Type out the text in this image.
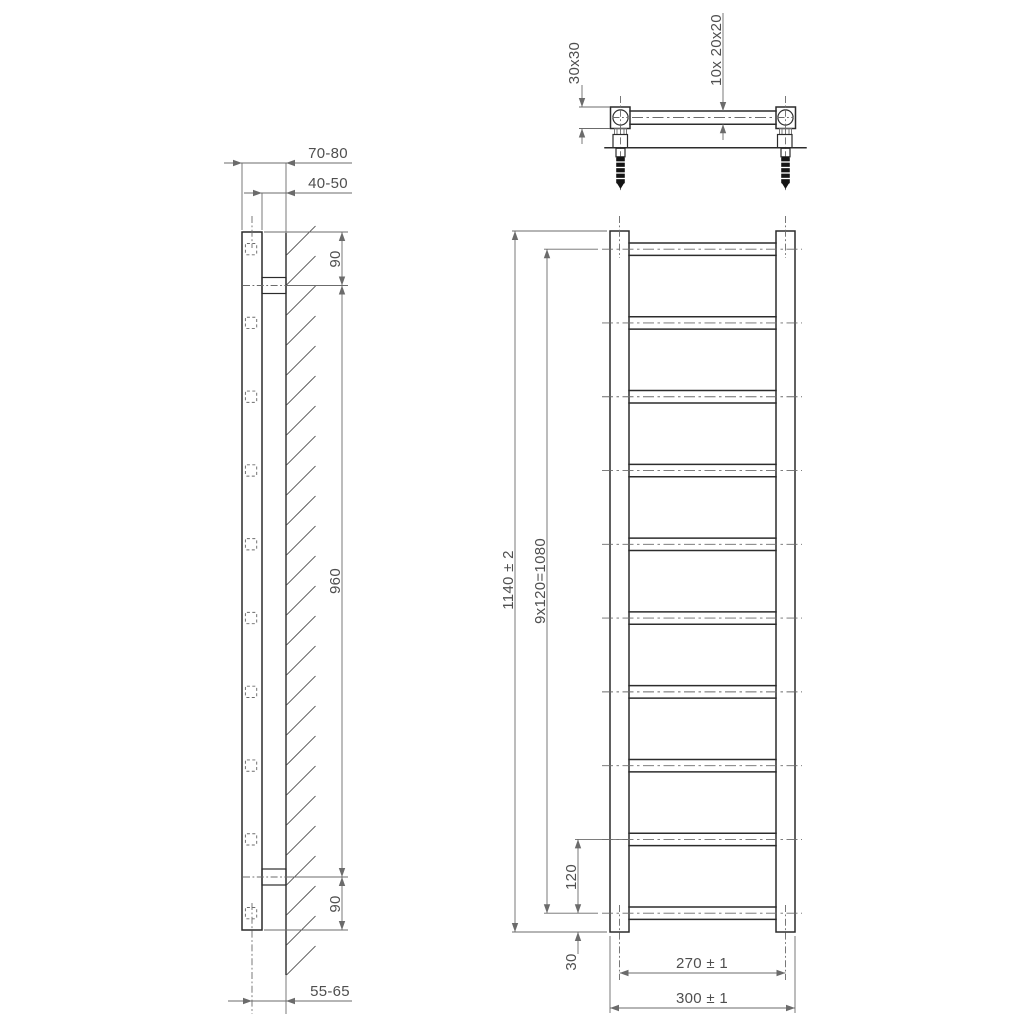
30x30	10x 20x20
70-80
40-50
90
960
90
55-65
1140 ± 2 9x120=1080
120
30	270 ± 1
300 ± 1
